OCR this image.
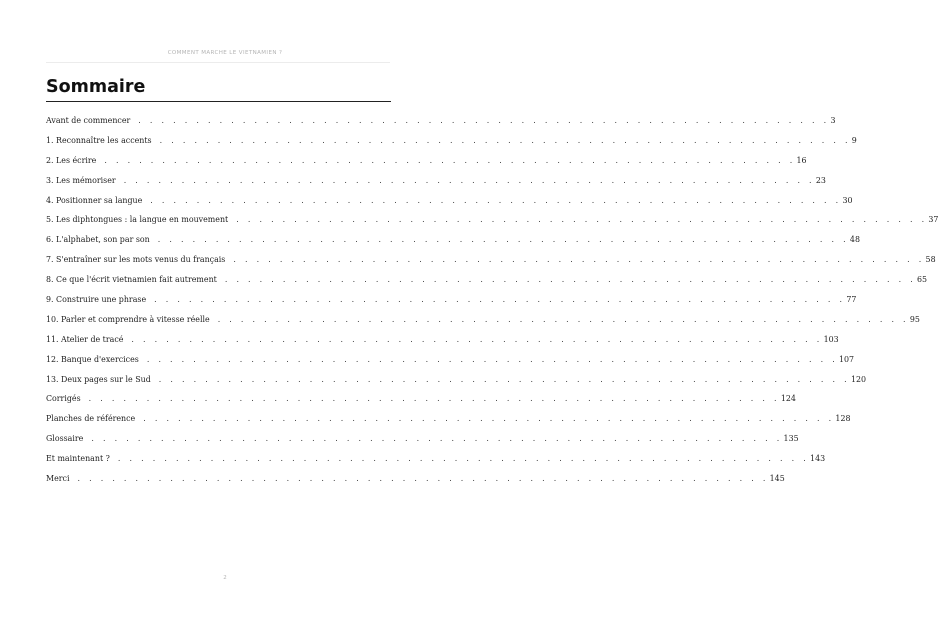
COMMENT MARCHE LE VIETNAMIEN ?
Sommaire
Avant de commencer	. . . . . . . . . . . . . . . . . . . . . . . . . . . . . . . . . . . . . . . . . . . . . . . . . . . . . . . . . . . . 3
1. Reconnaître les accents	. . . . . . . . . . . . . . . . . . . . . . . . . . . . . . . . . . . . . . . . . . . . . . . . . . . . . . . . . . . . 9
2. Les écrire	. . . . . . . . . . . . . . . . . . . . . . . . . . . . . . . . . . . . . . . . . . . . . . . . . . . . . . . . . . . . 16
3. Les mémoriser	. . . . . . . . . . . . . . . . . . . . . . . . . . . . . . . . . . . . . . . . . . . . . . . . . . . . . . . . . . . . 23
4. Positionner sa langue	. . . . . . . . . . . . . . . . . . . . . . . . . . . . . . . . . . . . . . . . . . . . . . . . . . . . . . . . . . . . 30
5. Les diphtongues : la langue en mouvement	. . . . . . . . . . . . . . . . . . . . . . . . . . . . . . . . . . . . . . . . . . . . . . . . . . . . . . . . . . . . 37
6. L'alphabet, son par son	. . . . . . . . . . . . . . . . . . . . . . . . . . . . . . . . . . . . . . . . . . . . . . . . . . . . . . . . . . . . 48
7. S'entraîner sur les mots venus du français	. . . . . . . . . . . . . . . . . . . . . . . . . . . . . . . . . . . . . . . . . . . . . . . . . . . . . . . . . . . . 58
8. Ce que l'écrit vietnamien fait autrement	. . . . . . . . . . . . . . . . . . . . . . . . . . . . . . . . . . . . . . . . . . . . . . . . . . . . . . . . . . . . 65
9. Construire une phrase	. . . . . . . . . . . . . . . . . . . . . . . . . . . . . . . . . . . . . . . . . . . . . . . . . . . . . . . . . . . . 77
10. Parler et comprendre à vitesse réelle	. . . . . . . . . . . . . . . . . . . . . . . . . . . . . . . . . . . . . . . . . . . . . . . . . . . . . . . . . . . . 95
11. Atelier de tracé	. . . . . . . . . . . . . . . . . . . . . . . . . . . . . . . . . . . . . . . . . . . . . . . . . . . . . . . . . . . . 103
12. Banque d'exercices	. . . . . . . . . . . . . . . . . . . . . . . . . . . . . . . . . . . . . . . . . . . . . . . . . . . . . . . . . . . . 107
13. Deux pages sur le Sud	. . . . . . . . . . . . . . . . . . . . . . . . . . . . . . . . . . . . . . . . . . . . . . . . . . . . . . . . . . . . 120
Corrigés	. . . . . . . . . . . . . . . . . . . . . . . . . . . . . . . . . . . . . . . . . . . . . . . . . . . . . . . . . . . . 124
Planches de référence	. . . . . . . . . . . . . . . . . . . . . . . . . . . . . . . . . . . . . . . . . . . . . . . . . . . . . . . . . . . . 128
Glossaire	. . . . . . . . . . . . . . . . . . . . . . . . . . . . . . . . . . . . . . . . . . . . . . . . . . . . . . . . . . . . 135
Et maintenant ?	. . . . . . . . . . . . . . . . . . . . . . . . . . . . . . . . . . . . . . . . . . . . . . . . . . . . . . . . . . . . 143
Merci	. . . . . . . . . . . . . . . . . . . . . . . . . . . . . . . . . . . . . . . . . . . . . . . . . . . . . . . . . . . . 145
2
